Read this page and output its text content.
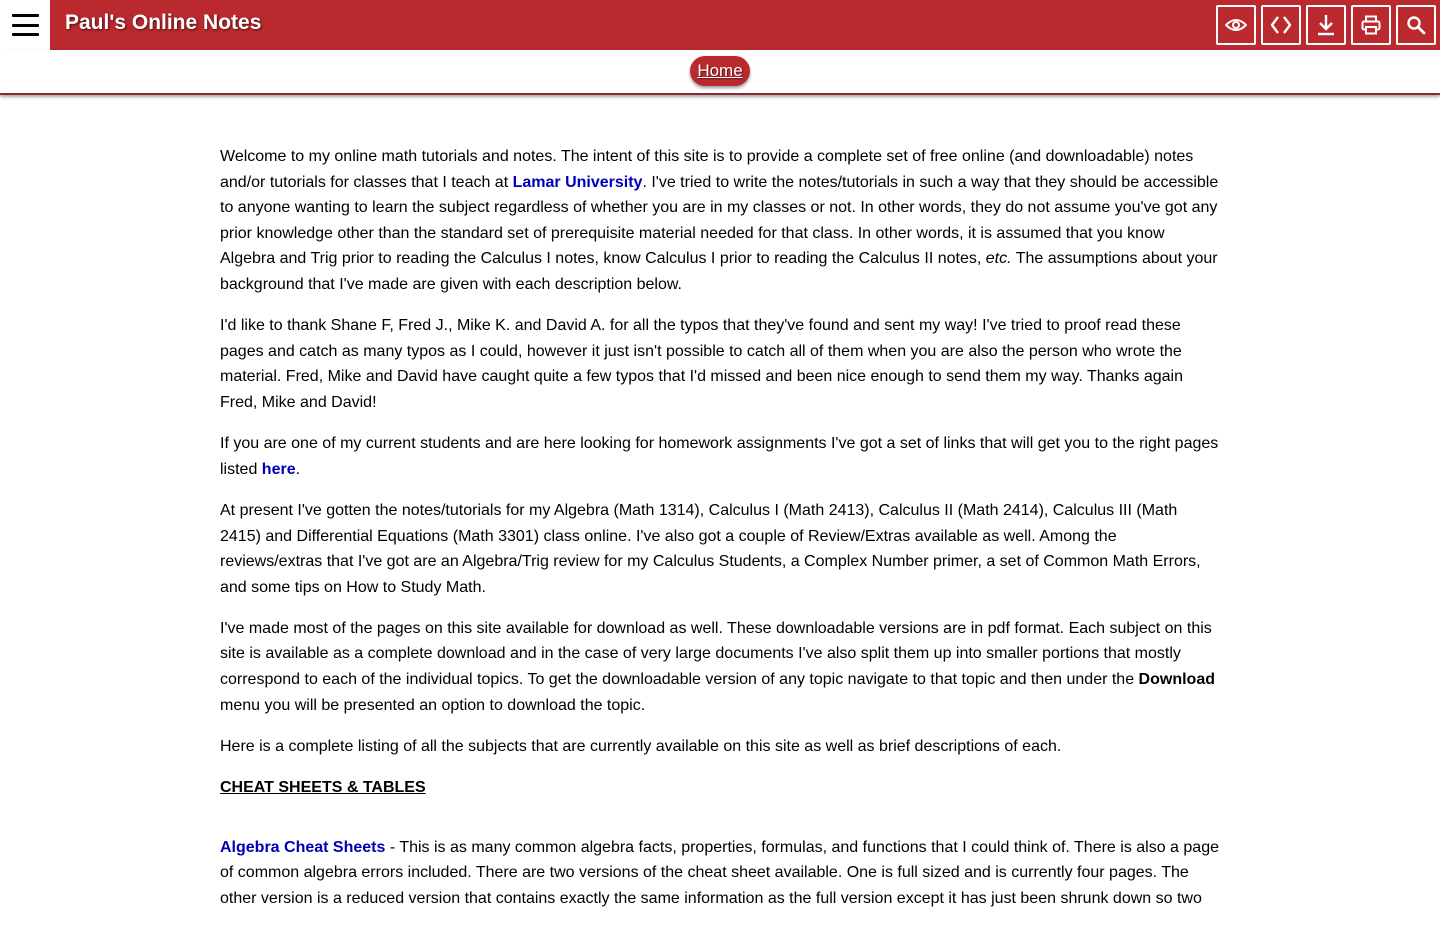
Paul's Online Notes
Home

Welcome to my online math tutorials and notes. The intent of this site is to provide a complete set of free online (and downloadable) notes and/or tutorials for classes that I teach at Lamar University. I've tried to write the notes/tutorials in such a way that they should be accessible to anyone wanting to learn the subject regardless of whether you are in my classes or not. In other words, they do not assume you've got any prior knowledge other than the standard set of prerequisite material needed for that class. In other words, it is assumed that you know Algebra and Trig prior to reading the Calculus I notes, know Calculus I prior to reading the Calculus II notes, etc. The assumptions about your background that I've made are given with each description below.

I'd like to thank Shane F, Fred J., Mike K. and David A. for all the typos that they've found and sent my way! I've tried to proof read these pages and catch as many typos as I could, however it just isn't possible to catch all of them when you are also the person who wrote the material. Fred, Mike and David have caught quite a few typos that I'd missed and been nice enough to send them my way. Thanks again Fred, Mike and David!

If you are one of my current students and are here looking for homework assignments I've got a set of links that will get you to the right pages listed here.

At present I've gotten the notes/tutorials for my Algebra (Math 1314), Calculus I (Math 2413), Calculus II (Math 2414), Calculus III (Math 2415) and Differential Equations (Math 3301) class online. I've also got a couple of Review/Extras available as well. Among the reviews/extras that I've got are an Algebra/Trig review for my Calculus Students, a Complex Number primer, a set of Common Math Errors, and some tips on How to Study Math.

I've made most of the pages on this site available for download as well. These downloadable versions are in pdf format. Each subject on this site is available as a complete download and in the case of very large documents I've also split them up into smaller portions that mostly correspond to each of the individual topics. To get the downloadable version of any topic navigate to that topic and then under the Download menu you will be presented an option to download the topic.

Here is a complete listing of all the subjects that are currently available on this site as well as brief descriptions of each.

CHEAT SHEETS & TABLES

Algebra Cheat Sheets - This is as many common algebra facts, properties, formulas, and functions that I could think of. There is also a page of common algebra errors included. There are two versions of the cheat sheet available. One is full sized and is currently four pages. The other version is a reduced version that contains exactly the same information as the full version except it has just been shrunk down so two
